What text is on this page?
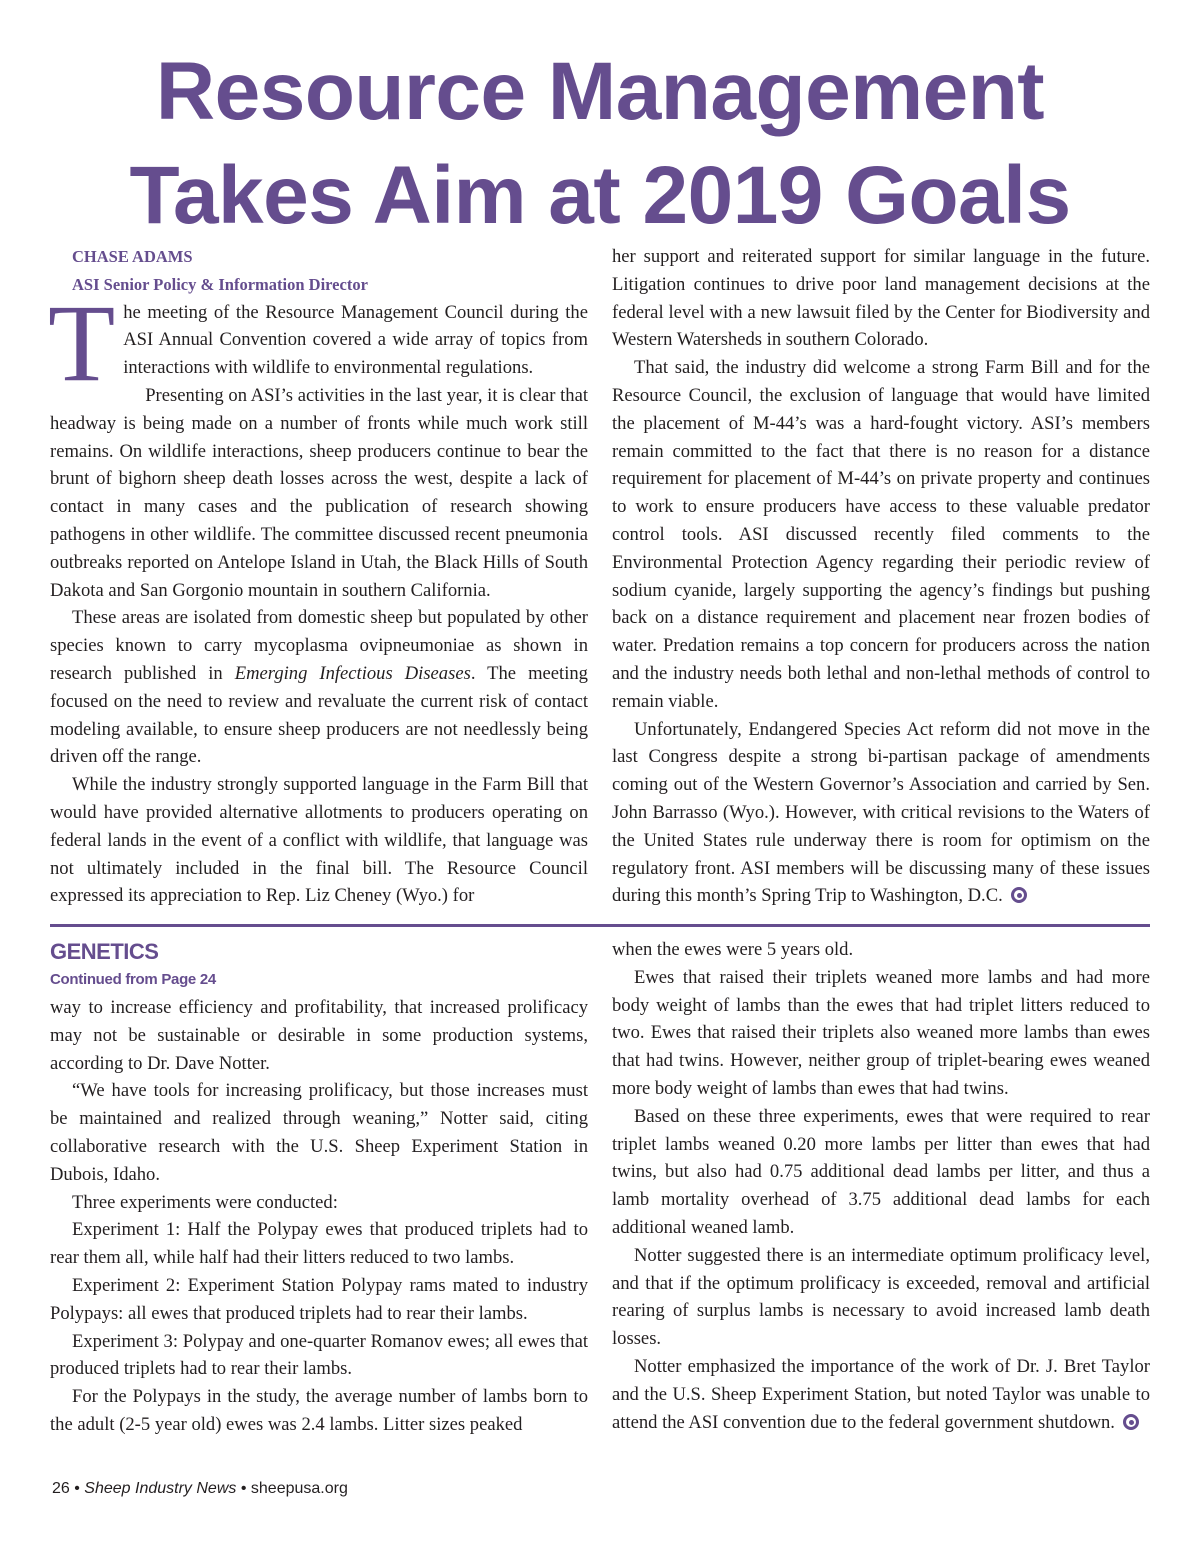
Resource Management
Takes Aim at 2019 Goals

CHASE ADAMS

ASI Senior Policy & Information Director

The meeting of the Resource Management Council during the ASI Annual Convention covered a wide array of topics from interactions with wildlife to environmental regulations.

Presenting on ASI’s activities in the last year, it is clear that headway is being made on a number of fronts while much work still remains. On wildlife interactions, sheep producers continue to bear the brunt of bighorn sheep death losses across the west, despite a lack of contact in many cases and the publication of research showing pathogens in other wildlife. The committee discussed recent pneumonia outbreaks reported on Antelope Island in Utah, the Black Hills of South Dakota and San Gorgonio mountain in southern California.

These areas are isolated from domestic sheep but populated by other species known to carry mycoplasma ovipneumoniae as shown in research published in Emerging Infectious Diseases. The meeting focused on the need to review and revaluate the current risk of contact modeling available, to ensure sheep producers are not needlessly being driven off the range.

While the industry strongly supported language in the Farm Bill that would have provided alternative allotments to producers operating on federal lands in the event of a conflict with wildlife, that language was not ultimately included in the final bill. The Resource Council expressed its appreciation to Rep. Liz Cheney (Wyo.) for

her support and reiterated support for similar language in the future. Litigation continues to drive poor land management decisions at the federal level with a new lawsuit filed by the Center for Biodiversity and Western Watersheds in southern Colorado.

That said, the industry did welcome a strong Farm Bill and for the Resource Council, the exclusion of language that would have limited the placement of M-44’s was a hard-fought victory. ASI’s members remain committed to the fact that there is no reason for a distance requirement for placement of M-44’s on private property and continues to work to ensure producers have access to these valuable predator control tools. ASI discussed recently filed comments to the Environmental Protection Agency regarding their periodic review of sodium cyanide, largely supporting the agency’s findings but pushing back on a distance requirement and placement near frozen bodies of water. Predation remains a top concern for producers across the nation and the industry needs both lethal and non-lethal methods of control to remain viable.

Unfortunately, Endangered Species Act reform did not move in the last Congress despite a strong bi-partisan package of amendments coming out of the Western Governor’s Association and carried by Sen. John Barrasso (Wyo.). However, with critical revisions to the Waters of the United States rule underway there is room for optimism on the regulatory front. ASI members will be discussing many of these issues during this month’s Spring Trip to Washington, D.C.

GENETICS
Continued from Page 24

way to increase efficiency and profitability, that increased prolificacy may not be sustainable or desirable in some production systems, according to Dr. Dave Notter.

“We have tools for increasing prolificacy, but those increases must be maintained and realized through weaning,” Notter said, citing collaborative research with the U.S. Sheep Experiment Station in Dubois, Idaho.

Three experiments were conducted:

Experiment 1: Half the Polypay ewes that produced triplets had to rear them all, while half had their litters reduced to two lambs.

Experiment 2: Experiment Station Polypay rams mated to industry Polypays: all ewes that produced triplets had to rear their lambs.

Experiment 3: Polypay and one-quarter Romanov ewes; all ewes that produced triplets had to rear their lambs.

For the Polypays in the study, the average number of lambs born to the adult (2-5 year old) ewes was 2.4 lambs. Litter sizes peaked

when the ewes were 5 years old.

Ewes that raised their triplets weaned more lambs and had more body weight of lambs than the ewes that had triplet litters reduced to two. Ewes that raised their triplets also weaned more lambs than ewes that had twins. However, neither group of triplet-bearing ewes weaned more body weight of lambs than ewes that had twins.

Based on these three experiments, ewes that were required to rear triplet lambs weaned 0.20 more lambs per litter than ewes that had twins, but also had 0.75 additional dead lambs per litter, and thus a lamb mortality overhead of 3.75 additional dead lambs for each additional weaned lamb.

Notter suggested there is an intermediate optimum prolificacy level, and that if the optimum prolificacy is exceeded, removal and artificial rearing of surplus lambs is necessary to avoid increased lamb death losses.

Notter emphasized the importance of the work of Dr. J. Bret Taylor and the U.S. Sheep Experiment Station, but noted Taylor was unable to attend the ASI convention due to the federal government shutdown.

26 • Sheep Industry News • sheepusa.org
